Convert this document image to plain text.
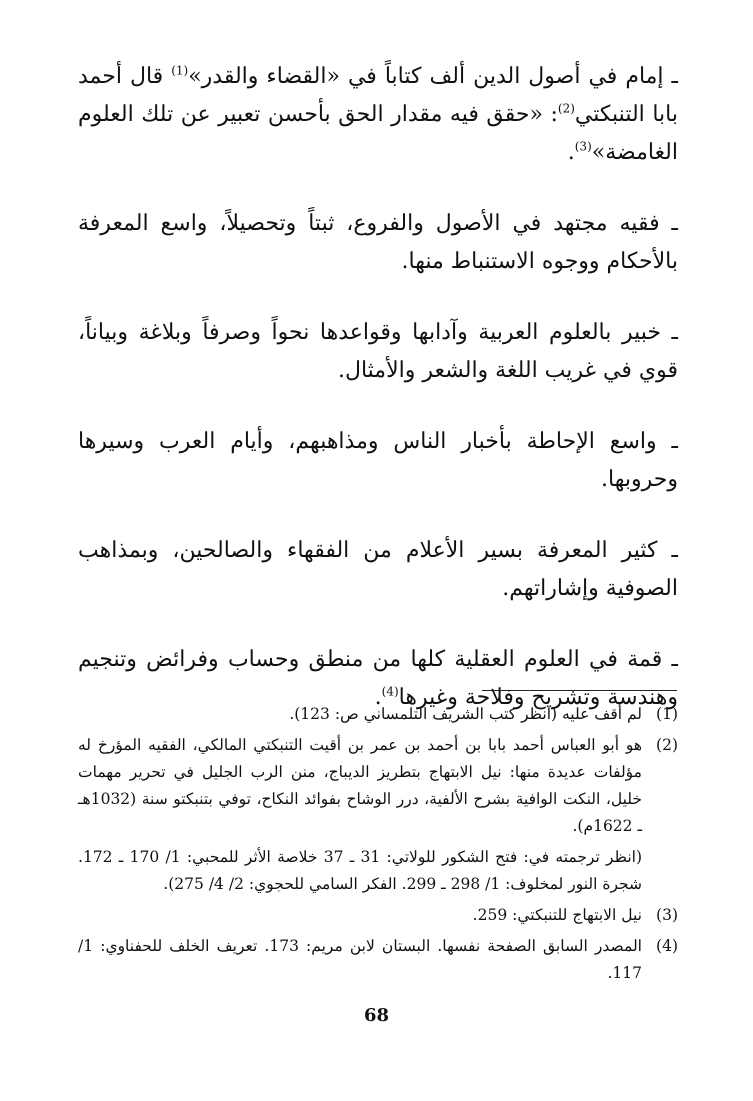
ـ إمام في أصول الدين ألف كتاباً في «القضاء والقدر»$^{(1)}$ قال أحمد بابا التنبكتي$^{(2)}$: «حقق فيه مقدار الحق بأحسن تعبير عن تلك العلوم الغامضة»$^{(3)}$.

ـ فقيه مجتهد في الأصول والفروع، ثبتاً وتحصيلاً، واسع المعرفة بالأحكام ووجوه الاستنباط منها.

ـ خبير بالعلوم العربية وآدابها وقواعدها نحواً وصرفاً وبلاغة وبياناً، قوي في غريب اللغة والشعر والأمثال.

ـ واسع الإحاطة بأخبار الناس ومذاهبهم، وأيام العرب وسيرها وحروبها.

ـ كثير المعرفة بسير الأعلام من الفقهاء والصالحين، وبمذاهب الصوفية وإشاراتهم.

ـ قمة في العلوم العقلية كلها من منطق وحساب وفرائض وتنجيم وهندسة وتشريح وفلاحة وغيرها$^{(4)}$.

(1)
لم أقف عليه (انظر كتب الشريف التلمساني ص: 123).
(2)
هو أبو العباس أحمد بابا بن أحمد بن عمر بن أقيت التنبكتي المالكي، الفقيه المؤرخ له مؤلفات عديدة منها: نيل الابتهاج بتطريز الديباج، منن الرب الجليل في تحرير مهمات خليل، النكت الوافية بشرح الألفية، درر الوشاح بفوائد النكاح، توفي بتنبكتو سنة (1032هـ ـ 1622م).
(انظر ترجمته في: فتح الشكور للولاتي: 31 ـ 37 خلاصة الأثر للمحبي: 1/ 170 ـ 172. شجرة النور لمخلوف: 1/ 298 ـ 299. الفكر السامي للحجوي: 2/ 4/ 275).
(3)
نيل الابتهاج للتنبكتي: 259.
(4)
المصدر السابق الصفحة نفسها. البستان لابن مريم: 173. تعريف الخلف للحفناوي: 1/ 117.
68
